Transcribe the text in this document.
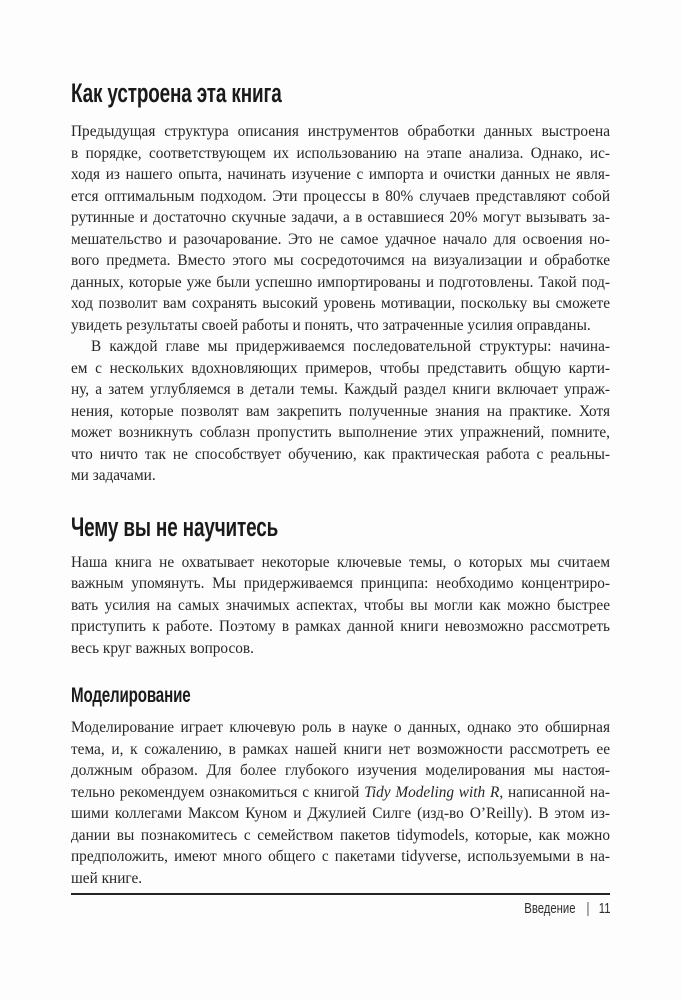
Как устроена эта книга
Предыдущая структура описания инструментов обработки данных выстроена
в порядке, соответствующем их использованию на этапе анализа. Однако, ис-
ходя из нашего опыта, начинать изучение с импорта и очистки данных не явля-
ется оптимальным подходом. Эти процессы в 80% случаев представляют собой
рутинные и достаточно скучные задачи, а в оставшиеся 20% могут вызывать за-
мешательство и разочарование. Это не самое удачное начало для освоения но-
вого предмета. Вместо этого мы сосредоточимся на визуализации и обработке
данных, которые уже были успешно импортированы и подготовлены. Такой под-
ход позволит вам сохранять высокий уровень мотивации, поскольку вы сможете
увидеть результаты своей работы и понять, что затраченные усилия оправданы.
В каждой главе мы придерживаемся последовательной структуры: начина-
ем с нескольких вдохновляющих примеров, чтобы представить общую карти-
ну, а затем углубляемся в детали темы. Каждый раздел книги включает упраж-
нения, которые позволят вам закрепить полученные знания на практике. Хотя
может возникнуть соблазн пропустить выполнение этих упражнений, помните,
что ничто так не способствует обучению, как практическая работа с реальны-
ми задачами.
Чему вы не научитесь
Наша книга не охватывает некоторые ключевые темы, о которых мы считаем
важным упомянуть. Мы придерживаемся принципа: необходимо концентриро-
вать усилия на самых значимых аспектах, чтобы вы могли как можно быстрее
приступить к работе. Поэтому в рамках данной книги невозможно рассмотреть
весь круг важных вопросов.
Моделирование
Моделирование играет ключевую роль в науке о данных, однако это обширная
тема, и, к сожалению, в рамках нашей книги нет возможности рассмотреть ее
должным образом. Для более глубокого изучения моделирования мы настоя-
тельно рекомендуем ознакомиться с книгой Tidy Modeling with R, написанной на-
шими коллегами Максом Куном и Джулией Силге (изд-во O’Reilly). В этом из-
дании вы познакомитесь с семейством пакетов tidymodels, которые, как можно
предположить, имеют много общего с пакетами tidyverse, используемыми в на-
шей книге.
Введение | 11
